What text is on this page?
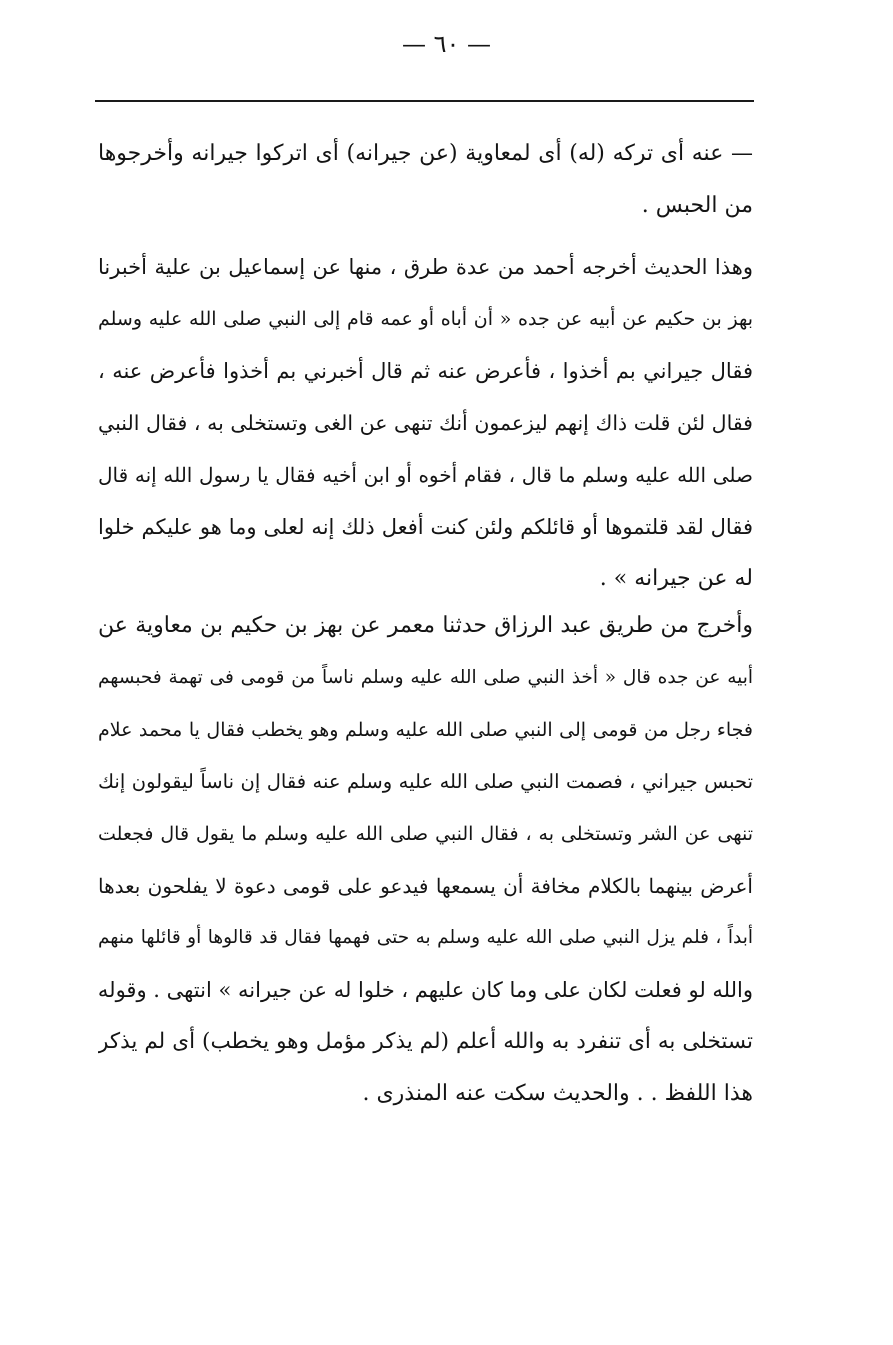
— ٦٠ —
— عنه أى تركه (له) أى لمعاوية (عن جيرانه) أى اتركوا جيرانه وأخرجوها
من الحبس .
وهذا الحديث أخرجه أحمد من عدة طرق ، منها عن إسماعيل بن علية أخبرنا
بهز بن حكيم عن أبيه عن جده « أن أباه أو عمه قام إلى النبي صلى الله عليه وسلم
فقال جيراني بم أخذوا ، فأعرض عنه ثم قال أخبرني بم أخذوا فأعرض عنه ،
فقال لئن قلت ذاك إنهم ليزعمون أنك تنهى عن الغى وتستخلى به ، فقال النبي
صلى الله عليه وسلم ما قال ، فقام أخوه أو ابن أخيه فقال يا رسول الله إنه قال
فقال لقد قلتموها أو قائلكم ولئن كنت أفعل ذلك إنه لعلى وما هو عليكم خلوا
له عن جيرانه » .
وأخرج من طريق عبد الرزاق حدثنا معمر عن بهز بن حكيم بن معاوية عن
أبيه عن جده قال « أخذ النبي صلى الله عليه وسلم ناساً من قومى فى تهمة فحبسهم
فجاء رجل من قومى إلى النبي صلى الله عليه وسلم وهو يخطب فقال يا محمد علام
تحبس جيراني ، فصمت النبي صلى الله عليه وسلم عنه فقال إن ناساً ليقولون إنك
تنهى عن الشر وتستخلى به ، فقال النبي صلى الله عليه وسلم ما يقول قال فجعلت
أعرض بينهما بالكلام مخافة أن يسمعها فيدعو على قومى دعوة لا يفلحون بعدها
أبداً ، فلم يزل النبي صلى الله عليه وسلم به حتى فهمها فقال قد قالوها أو قائلها منهم
والله لو فعلت لكان على وما كان عليهم ، خلوا له عن جيرانه » انتهى . وقوله
تستخلى به أى تنفرد به والله أعلم (لم يذكر مؤمل وهو يخطب) أى لم يذكر
هذا اللفظ . . والحديث سكت عنه المنذرى .
